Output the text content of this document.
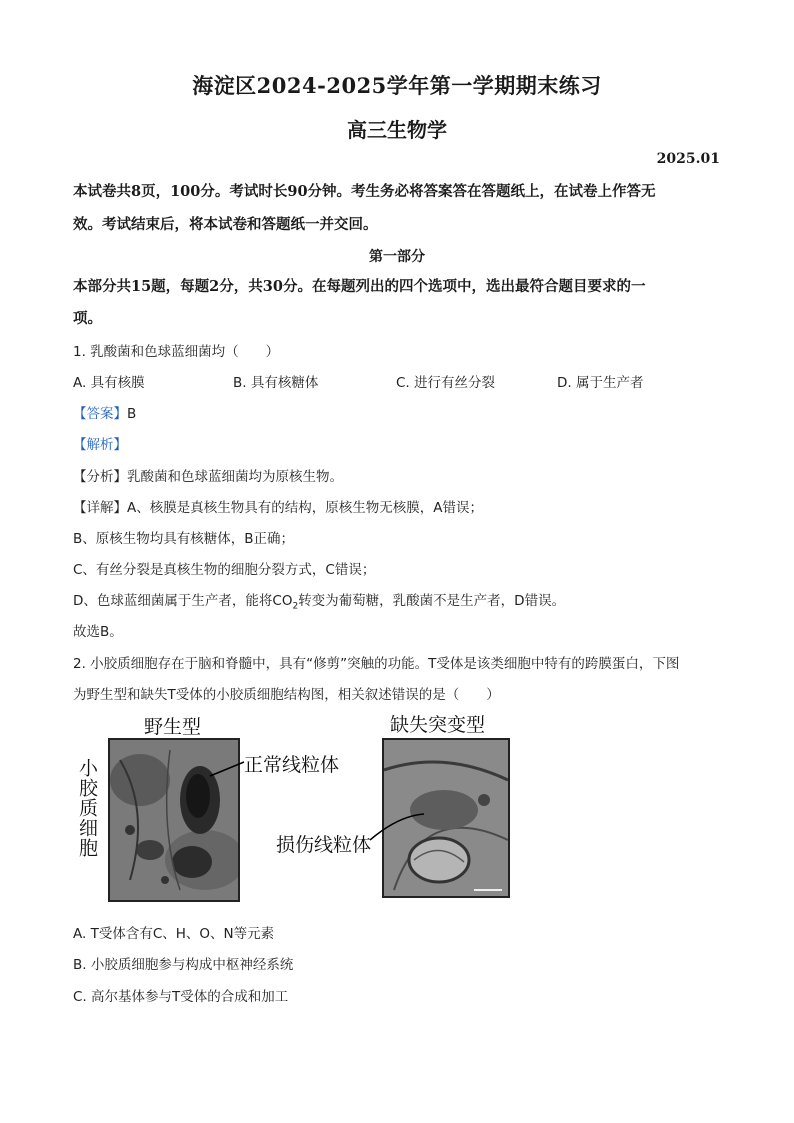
海淀区2024-2025学年第一学期期末练习
高三生物学
2025.01
本试卷共8页，100分。考试时长90分钟。考生务必将答案答在答题纸上，在试卷上作答无
效。考试结束后，将本试卷和答题纸一并交回。
第一部分
本部分共15题，每题2分，共30分。在每题列出的四个选项中，选出最符合题目要求的一
项。
1. 乳酸菌和色球蓝细菌均（　　）
A. 具有核膜	B. 具有核糖体	C. 进行有丝分裂	D. 属于生产者
【答案】B
【解析】
【分析】乳酸菌和色球蓝细菌均为原核生物。
【详解】A、核膜是真核生物具有的结构，原核生物无核膜，A错误；
B、原核生物均具有核糖体，B正确；
C、有丝分裂是真核生物的细胞分裂方式，C错误；
D、色球蓝细菌属于生产者，能将$CO_2$转变为葡萄糖，乳酸菌不是生产者，D错误。
故选B。
2. 小胶质细胞存在于脑和脊髓中，具有“修剪”突触的功能。T受体是该类细胞中特有的跨膜蛋白，下图
为野生型和缺失T受体的小胶质细胞结构图，相关叙述错误的是（　　）
野生型	缺失突变型
小胶质细胞	正常线粒体
损伤线粒体
A. T受体含有C、H、O、N等元素
B. 小胶质细胞参与构成中枢神经系统
C. 高尔基体参与T受体的合成和加工
